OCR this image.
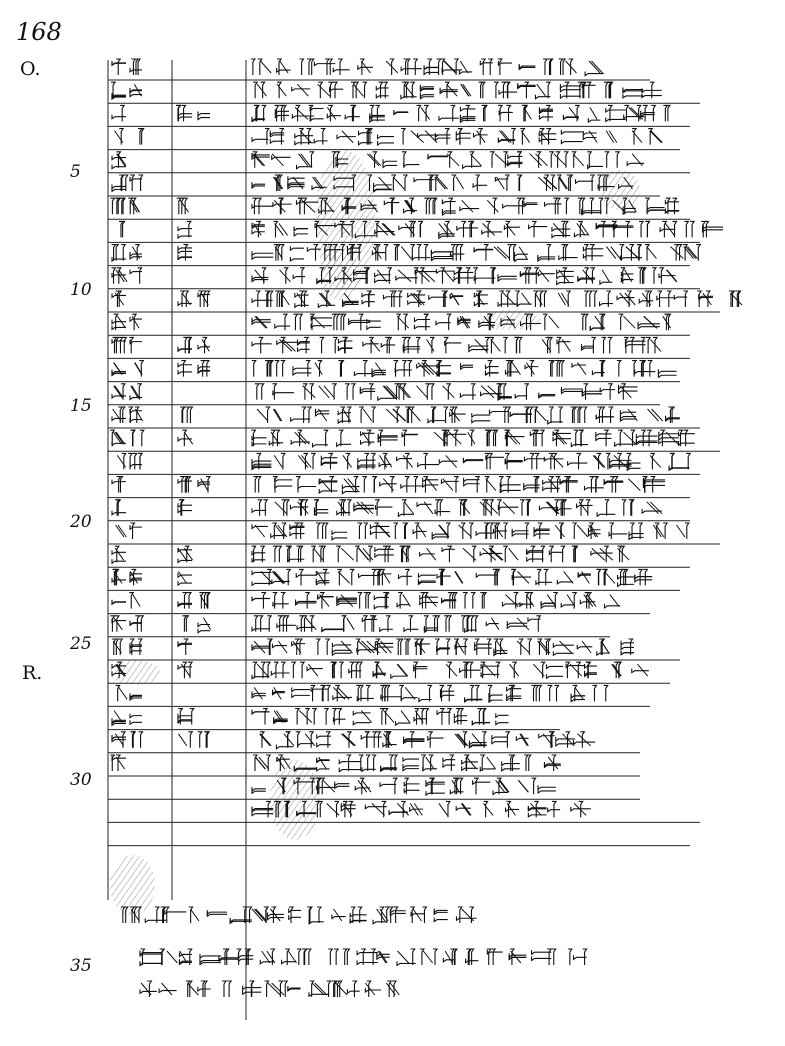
168
O.
R.
5
10
15
20
25
30
35
